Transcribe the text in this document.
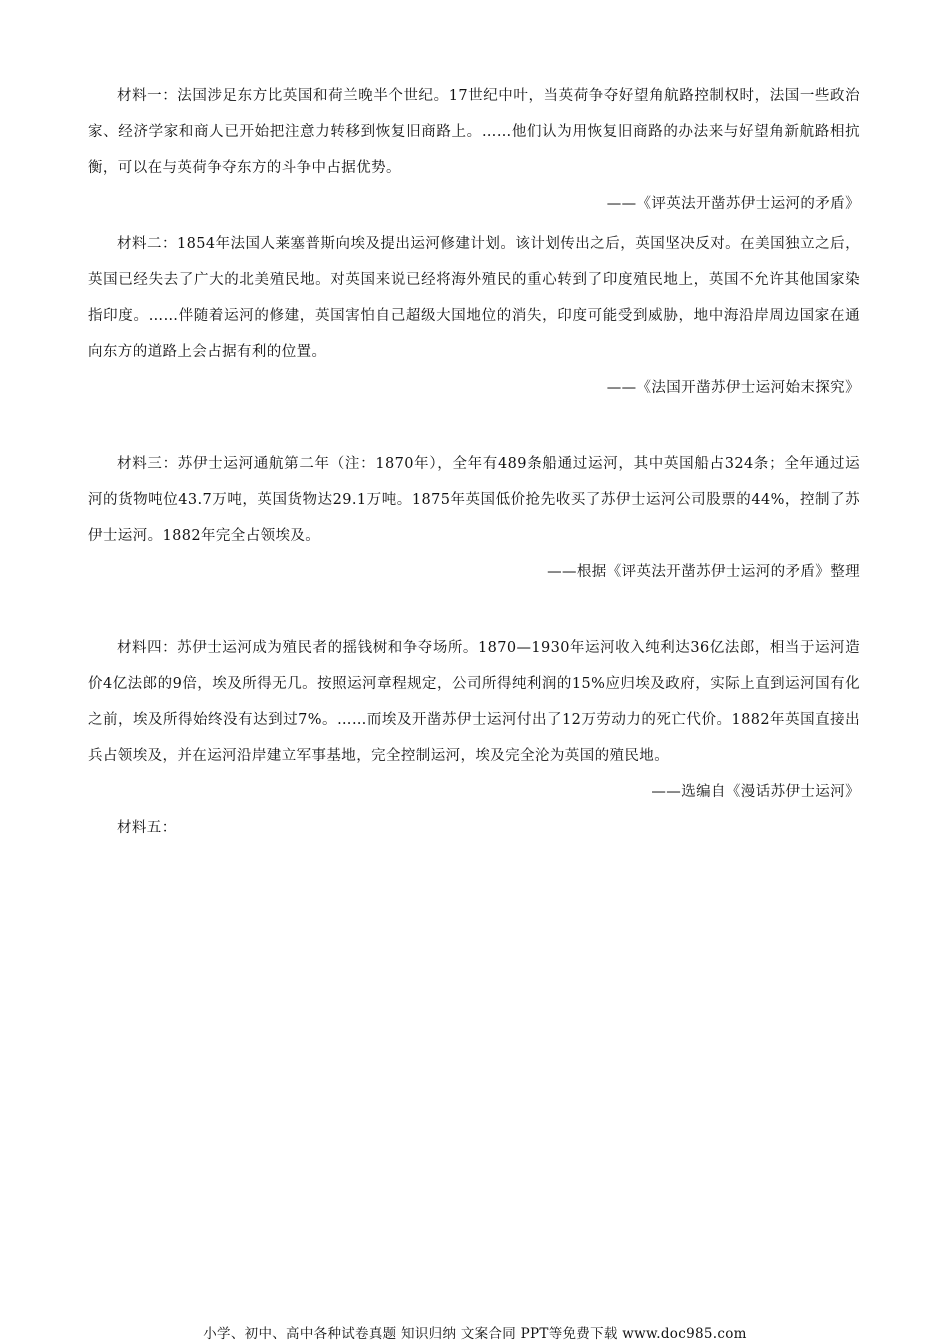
材料一：法国涉足东方比英国和荷兰晚半个世纪。17世纪中叶，当英荷争夺好望角航路控制权时，法国一些政治家、经济学家和商人已开始把注意力转移到恢复旧商路上。……他们认为用恢复旧商路的办法来与好望角新航路相抗衡，可以在与英荷争夺东方的斗争中占据优势。

——《评英法开凿苏伊士运河的矛盾》

材料二：1854年法国人莱塞普斯向埃及提出运河修建计划。该计划传出之后，英国坚决反对。在美国独立之后，英国已经失去了广大的北美殖民地。对英国来说已经将海外殖民的重心转到了印度殖民地上，英国不允许其他国家染指印度。……伴随着运河的修建，英国害怕自己超级大国地位的消失，印度可能受到威胁，地中海沿岸周边国家在通向东方的道路上会占据有利的位置。

——《法国开凿苏伊士运河始末探究》

材料三：苏伊士运河通航第二年（注：1870年），全年有489条船通过运河，其中英国船占324条；全年通过运河的货物吨位43.7万吨，英国货物达29.1万吨。1875年英国低价抢先收买了苏伊士运河公司股票的44%，控制了苏伊士运河。1882年完全占领埃及。

——根据《评英法开凿苏伊士运河的矛盾》整理

材料四：苏伊士运河成为殖民者的摇钱树和争夺场所。1870—1930年运河收入纯利达36亿法郎，相当于运河造价4亿法郎的9倍，埃及所得无几。按照运河章程规定，公司所得纯利润的15%应归埃及政府，实际上直到运河国有化之前，埃及所得始终没有达到过7%。……而埃及开凿苏伊士运河付出了12万劳动力的死亡代价。1882年英国直接出兵占领埃及，并在运河沿岸建立军事基地，完全控制运河，埃及完全沦为英国的殖民地。

——选编自《漫话苏伊士运河》

材料五：

小学、初中、高中各种试卷真题 知识归纳 文案合同 PPT等免费下载 www.doc985.com
